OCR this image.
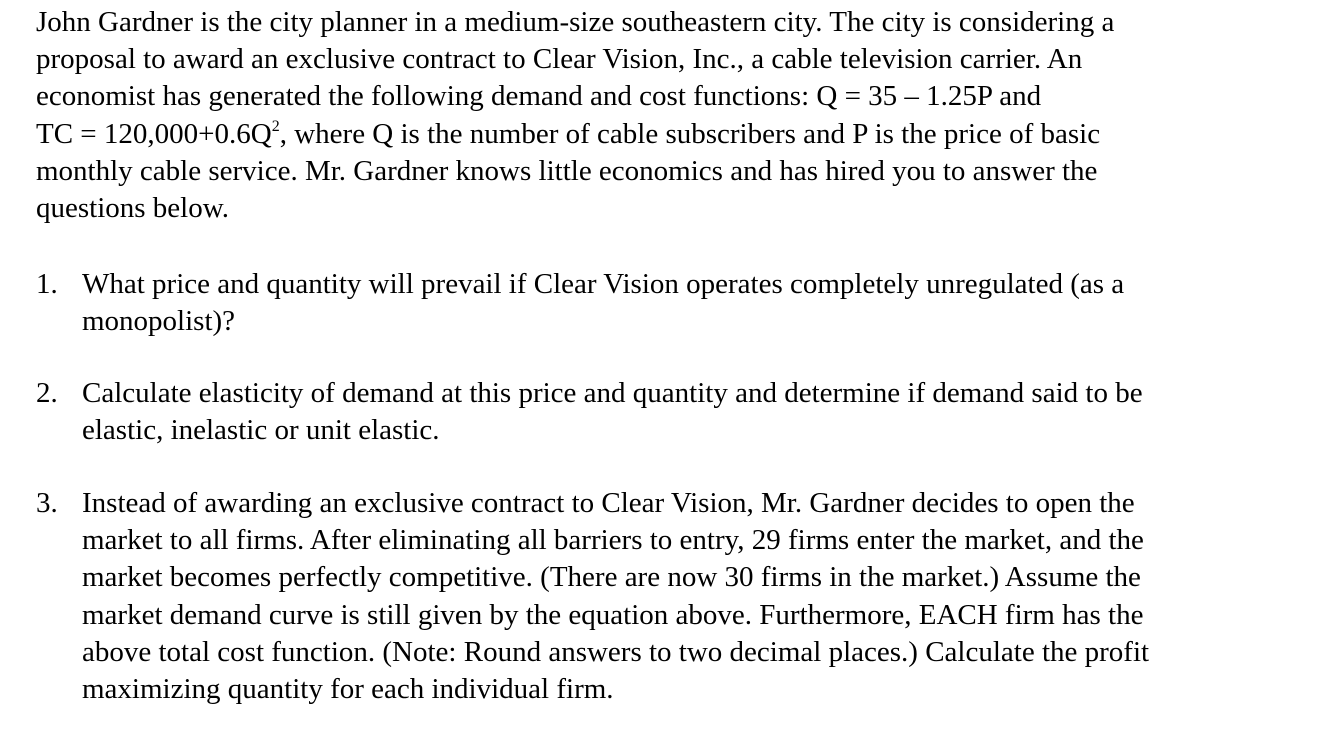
John Gardner is the city planner in a medium-size southeastern city. The city is considering a
proposal to award an exclusive contract to Clear Vision, Inc., a cable television carrier. An
economist has generated the following demand and cost functions: Q = 35 – 1.25P and
TC = $120,000+0.6Q^2$, where Q is the number of cable subscribers and P is the price of basic
monthly cable service. Mr. Gardner knows little economics and has hired you to answer the
questions below.

1. What price and quantity will prevail if Clear Vision operates completely unregulated (as a
monopolist)?
2. Calculate elasticity of demand at this price and quantity and determine if demand said to be
elastic, inelastic or unit elastic.
3. Instead of awarding an exclusive contract to Clear Vision, Mr. Gardner decides to open the
market to all firms. After eliminating all barriers to entry, 29 firms enter the market, and the
market becomes perfectly competitive. (There are now 30 firms in the market.) Assume the
market demand curve is still given by the equation above. Furthermore, EACH firm has the
above total cost function. (Note: Round answers to two decimal places.) Calculate the profit
maximizing quantity for each individual firm.
